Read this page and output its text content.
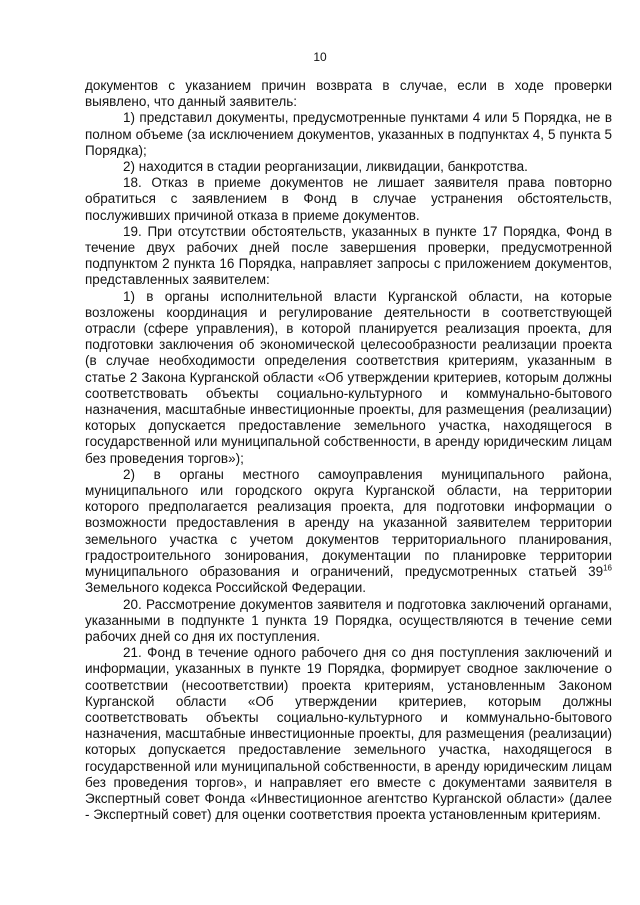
10

документов с указанием причин возврата в случае, если в ходе проверки выявлено, что данный заявитель:

1) представил документы, предусмотренные пунктами 4 или 5 Порядка, не в полном объеме (за исключением документов, указанных в подпунктах 4, 5 пункта 5 Порядка);

2) находится в стадии реорганизации, ликвидации, банкротства.

18. Отказ в приеме документов не лишает заявителя права повторно обратиться с заявлением в Фонд в случае устранения обстоятельств, послуживших причиной отказа в приеме документов.

19. При отсутствии обстоятельств, указанных в пункте 17 Порядка, Фонд в течение двух рабочих дней после завершения проверки, предусмотренной подпунктом 2 пункта 16 Порядка, направляет запросы с приложением документов, представленных заявителем:

1) в органы исполнительной власти Курганской области, на которые возложены координация и регулирование деятельности в соответствующей отрасли (сфере управления), в которой планируется реализация проекта, для подготовки заключения об экономической целесообразности реализации проекта (в случае необходимости определения соответствия критериям, указанным в статье 2 Закона Курганской области «Об утверждении критериев, которым должны соответствовать объекты социально-культурного и коммунально-бытового назначения, масштабные инвестиционные проекты, для размещения (реализации) которых допускается предоставление земельного участка, находящегося в государственной или муниципальной собственности, в аренду юридическим лицам без проведения торгов»);

2) в органы местного самоуправления муниципального района, муниципального или городского округа Курганской области, на территории которого предполагается реализация проекта, для подготовки информации о возможности предоставления в аренду на указанной заявителем территории земельного участка с учетом документов территориального планирования, градостроительного зонирования, документации по планировке территории муниципального образования и ограничений, предусмотренных статьей $39^{16}$ Земельного кодекса Российской Федерации.

20. Рассмотрение документов заявителя и подготовка заключений органами, указанными в подпункте 1 пункта 19 Порядка, осуществляются в течение семи рабочих дней со дня их поступления.

21. Фонд в течение одного рабочего дня со дня поступления заключений и информации, указанных в пункте 19 Порядка, формирует сводное заключение о соответствии (несоответствии) проекта критериям, установленным Законом Курганской области «Об утверждении критериев, которым должны соответствовать объекты социально-культурного и коммунально-бытового назначения, масштабные инвестиционные проекты, для размещения (реализации) которых допускается предоставление земельного участка, находящегося в государственной или муниципальной собственности, в аренду юридическим лицам без проведения торгов», и направляет его вместе с документами заявителя в Экспертный совет Фонда «Инвестиционное агентство Курганской области» (далее - Экспертный совет) для оценки соответствия проекта установленным критериям.
